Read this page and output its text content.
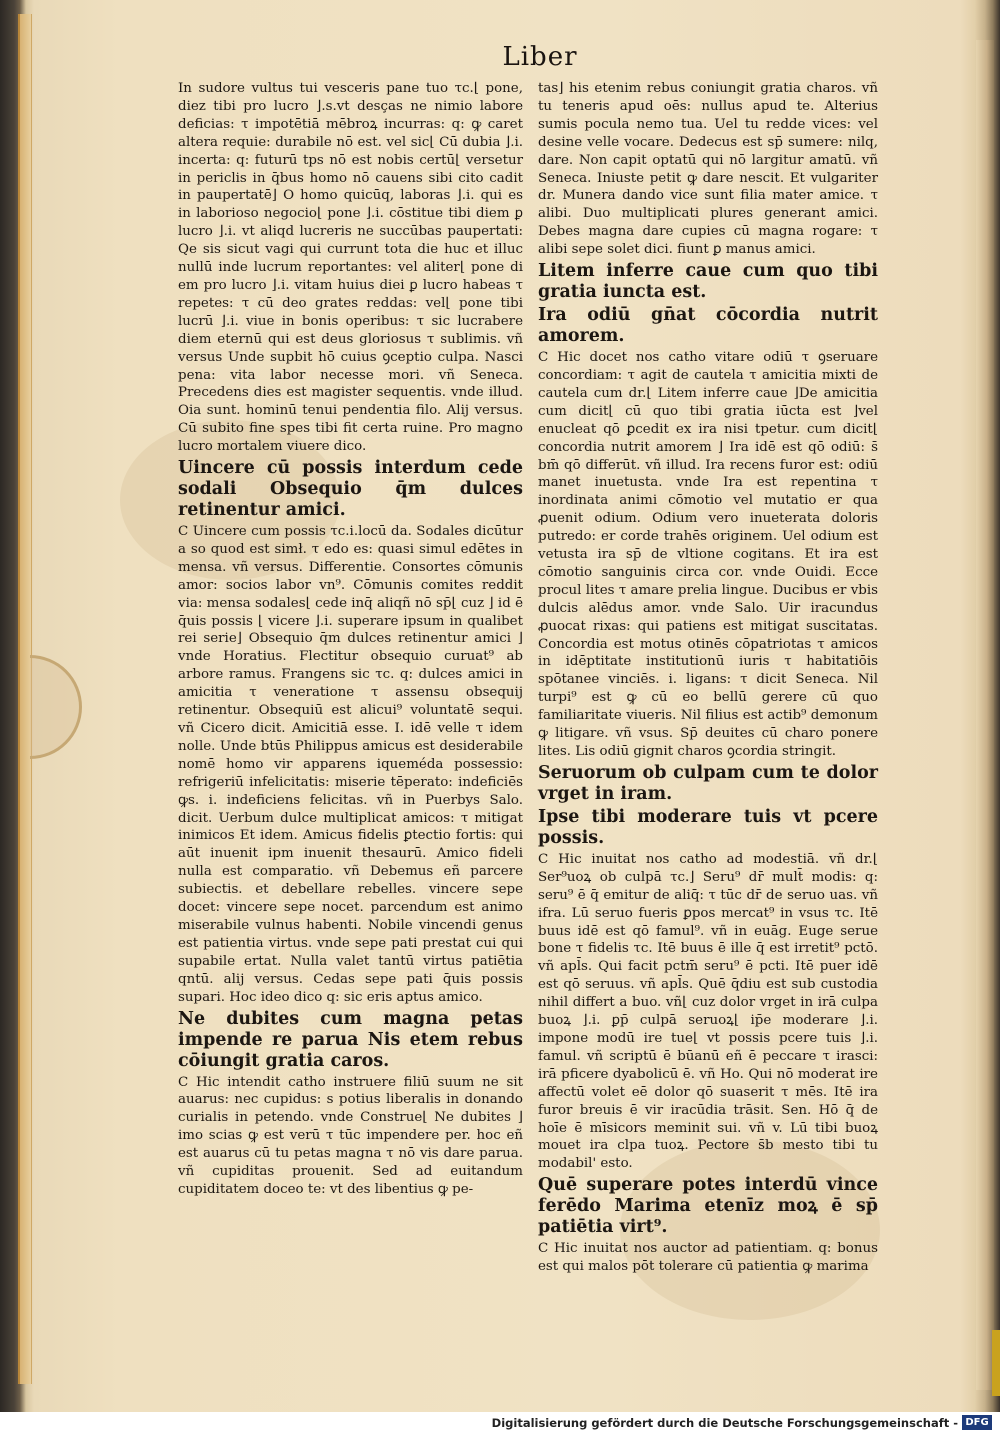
Liber

In sudore vultus tui vesceris pane tuo τc.⌊ pone, diez tibi pro lucro ⌋.s.vt desças ne nimio labore deficias: τ impotētiā mēbroꝝ incurras: q: ꝙ caret altera requie: durabile nō est. vel sic⌊ Cū dubia ⌋.i. incerta: q: futurū tps nō est nobis certū⌊ versetur in periclis in q̄bus homo nō cauens sibi cito cadit in paupertatē⌋ O homo quicūq, laboras ⌋.i. qui es in laborioso negocio⌊ pone ⌋.i. cōstitue tibi diem ꝑ lucro ⌋.i. vt aliqd lucreris ne succūbas paupertati: Qe sis sicut vagi qui currunt tota die huc et illuc nullū inde lucrum reportantes: vel aliter⌊ pone di em pro lucro ⌋.i. vitam huius diei ꝑ lucro habeas τ repetes: τ cū deo grates reddas: vel⌊ pone tibi lucrū ⌋.i. viue in bonis operibus: τ sic lucrabere diem eternū qui est deus gloriosus τ sublimis. vñ versus Unde supbit hō cuius ꝯceptio culpa. Nasci pena: vita labor necesse mori. vñ Seneca. Precedens dies est magister sequentis. vnde illud. Oia sunt. hominū tenui pendentia filo. Alij versus. Cū subito fine spes tibi fit certa ruine. Pro magno lucro mortalem viuere dico.

Uincere cū possis interdum cede sodali Obsequio q̄m dulces retinentur amici.

C Uincere cum possis τc.i.locū da. Sodales dicūtur a so quod est simł. τ edo es: quasi simul edētes in mensa. vñ versus. Differentie. Consortes cōmunis amor: socios labor vn⁹. Cōmunis comites reddit via: mensa sodales⌊ cede inq̄ aliqñ nō sp̄⌊ cuz ⌋ id ē q̄uis possis ⌊ vicere ⌋.i. superare ipsum in qualibet rei serie⌋ Obsequio q̄m dulces retinentur amici ⌋ vnde Horatius. Flectitur obsequio curuat⁹ ab arbore ramus. Frangens sic τc. q: dulces amici in amicitia τ veneratione τ assensu obsequij retinentur. Obsequiū est alicui⁹ voluntatē sequi. vñ Cicero dicit. Amicitiā esse. I. idē velle τ idem nolle. Unde btūs Philippus amicus est desiderabile nomē homo vir apparens iqueméda possessio: refrigeriū infelicitatis: miserie tēperato: indeficiēs ꝙs. i. indeficiens felicitas. vñ in Puerbys Salo. dicit. Uerbum dulce multiplicat amicos: τ mitigat inimicos Et idem. Amicus fidelis ꝑtectio fortis: qui aūt inuenit ipm inuenit thesaurū. Amico fideli nulla est comparatio. vñ Debemus eñ parcere subiectis. et debellare rebelles. vincere sepe docet: vincere sepe nocet. parcendum est animo miserabile vulnus habenti. Nobile vincendi genus est patientia virtus. vnde sepe pati prestat cui qui supabile ertat. Nulla valet tantū virtus patiētia qntū. alij versus. Cedas sepe pati q̄uis possis supari. Hoc ideo dico q: sic eris aptus amico.

Ne dubites cum magna petas impende re parua Nis etem rebus cōiungit gratia caros.

C Hic intendit catho instruere filiū suum ne sit auarus: nec cupidus: s potius liberalis in donando curialis in petendo. vnde Construe⌊ Ne dubites ⌋ imo scias ꝙ est verū τ tūc impendere per. hoc eñ est auarus cū tu petas magna τ nō vis dare parua. vñ cupiditas prouenit. Sed ad euitandum cupiditatem doceo te: vt des libentius ꝙ pe-

tas⌋ his etenim rebus coniungit gratia charos. vñ tu teneris apud oēs: nullus apud te. Alterius sumis pocula nemo tua. Uel tu redde vices: vel desine velle vocare. Dedecus est sp̄ sumere: nilq, dare. Non capit optatū qui nō largitur amatū. vñ Seneca. Iniuste petit ꝙ dare nescit. Et vulgariter dr. Munera dando vice sunt filia mater amice. τ alibi. Duo multiplicati plures generant amici. Debes magna dare cupies cū magna rogare: τ alibi sepe solet dici. fiunt ꝑ manus amici.

Litem inferre caue cum quo tibi gratia iuncta est.

Ira odiū gn̄at cōcordia nutrit amorem.

C Hic docet nos catho vitare odiū τ ꝯseruare concordiam: τ agit de cautela τ amicitia mixti de cautela cum dr.⌊ Litem inferre caue ⌋De amicitia cum dicit⌊ cū quo tibi gratia iūcta est ⌋vel enucleat qō ꝑcedit ex ira nisi tpetur. cum dicit⌊ concordia nutrit amorem ⌋ Ira idē est qō odiū: s̄ bm̄ qō differūt. vñ illud. Ira recens furor est: odiū manet inuetusta. vnde Ira est repentina τ inordinata animi cōmotio vel mutatio er qua ꝓuenit odium. Odium vero inueterata doloris putredo: er corde trahēs originem. Uel odium est vetusta ira sp̄ de vltione cogitans. Et ira est cōmotio sanguinis circa cor. vnde Ouidi. Ecce procul lites τ amare prelia lingue. Ducibus er vbis dulcis alēdus amor. vnde Salo. Uir iracundus ꝓuocat rixas: qui patiens est mitigat suscitatas. Concordia est motus otinēs cōpatriotas τ amicos in idēptitate institutionū iuris τ habitatiōis spōtanee vinciēs. i. ligans: τ dicit Seneca. Nil turpi⁹ est ꝙ cū eo bellū gerere cū quo familiaritate viueris. Nil filius est actib⁹ demonum ꝙ litigare. vñ vsus. Sp̄ deuites cū charo ponere lites. Lis odiū gignit charos ꝯcordia stringit.

Seruorum ob culpam cum te dolor vrget in iram.

Ipse tibi moderare tuis vt pcere possis.

C Hic inuitat nos catho ad modestiā. vñ dr.⌊ Ser⁹uoꝝ ob culpā τc.⌋ Seru⁹ dr̄ mult̄ modis: q: seru⁹ ē q̄ emitur de aliq̄: τ tūc dr̄ de seruo uas. vñ ifra. Lū seruo fueris ꝑpos mercat⁹ in vsus τc. Itē buus idē est qō famul⁹. vñ in euāg. Euge serue bone τ fidelis τc. Itē buus ē ille q̄ est irretit⁹ pctō. vñ apl̄s. Qui facit pctm̄ seru⁹ ē pcti. Itē puer idē est qō seruus. vñ apl̄s. Quē q̄diu est sub custodia nihil differt a buo. vñ⌊ cuz dolor vrget in irā culpa buoꝝ ⌋.i. ꝑp̄ culpā seruoꝝ⌊ ip̄e moderare ⌋.i. impone modū ire tue⌊ vt possis pcere tuis ⌋.i. famul. vñ scriptū ē būanū eñ ē peccare τ irasci: irā pficere dyabolicū ē. vñ Ho. Qui nō moderat ire affectū volet eē dolor qō suaserit τ mēs. Itē ira furor breuis ē vir iracūdia trāsit. Sen. Hō q̄ de hoīe ē mīsicors meminit sui. vñ v. Lū tibi buoꝝ mouet ira clpa tuoꝝ. Pectore s̄b mesto tibi tu modabil' esto.

Quē superare potes interdū vince ferēdo Marima etenīz moꝝ ē sp̄ patiētia virt⁹.

C Hic inuitat nos auctor ad patientiam. q: bonus est qui malos pōt tolerare cū patientia ꝙ marima

Digitalisierung gefördert durch die Deutsche Forschungsgemeinschaft - DFG
